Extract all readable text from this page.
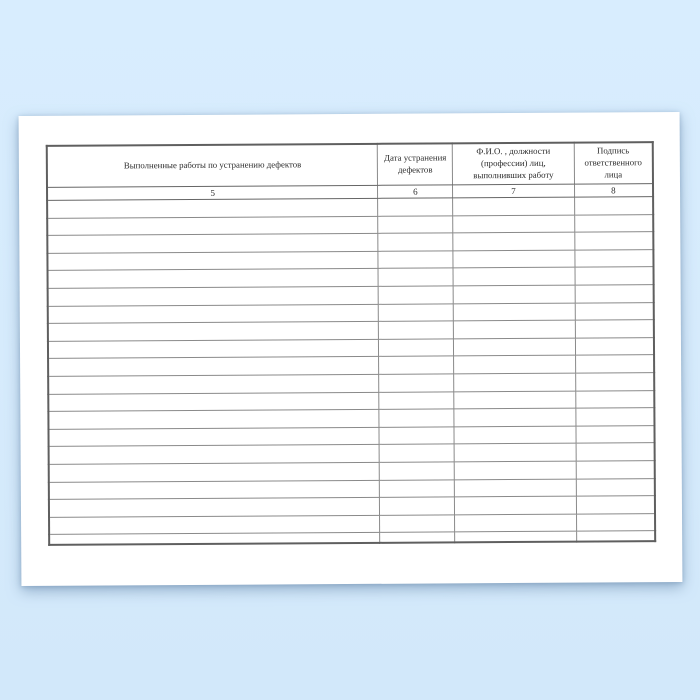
Выполненные работы по устранению дефектов	Дата устранения дефектов	Ф.И.О. , должности (профессии) лиц, выполнивших работу	Подпись ответственного лица
5	6	7	8
